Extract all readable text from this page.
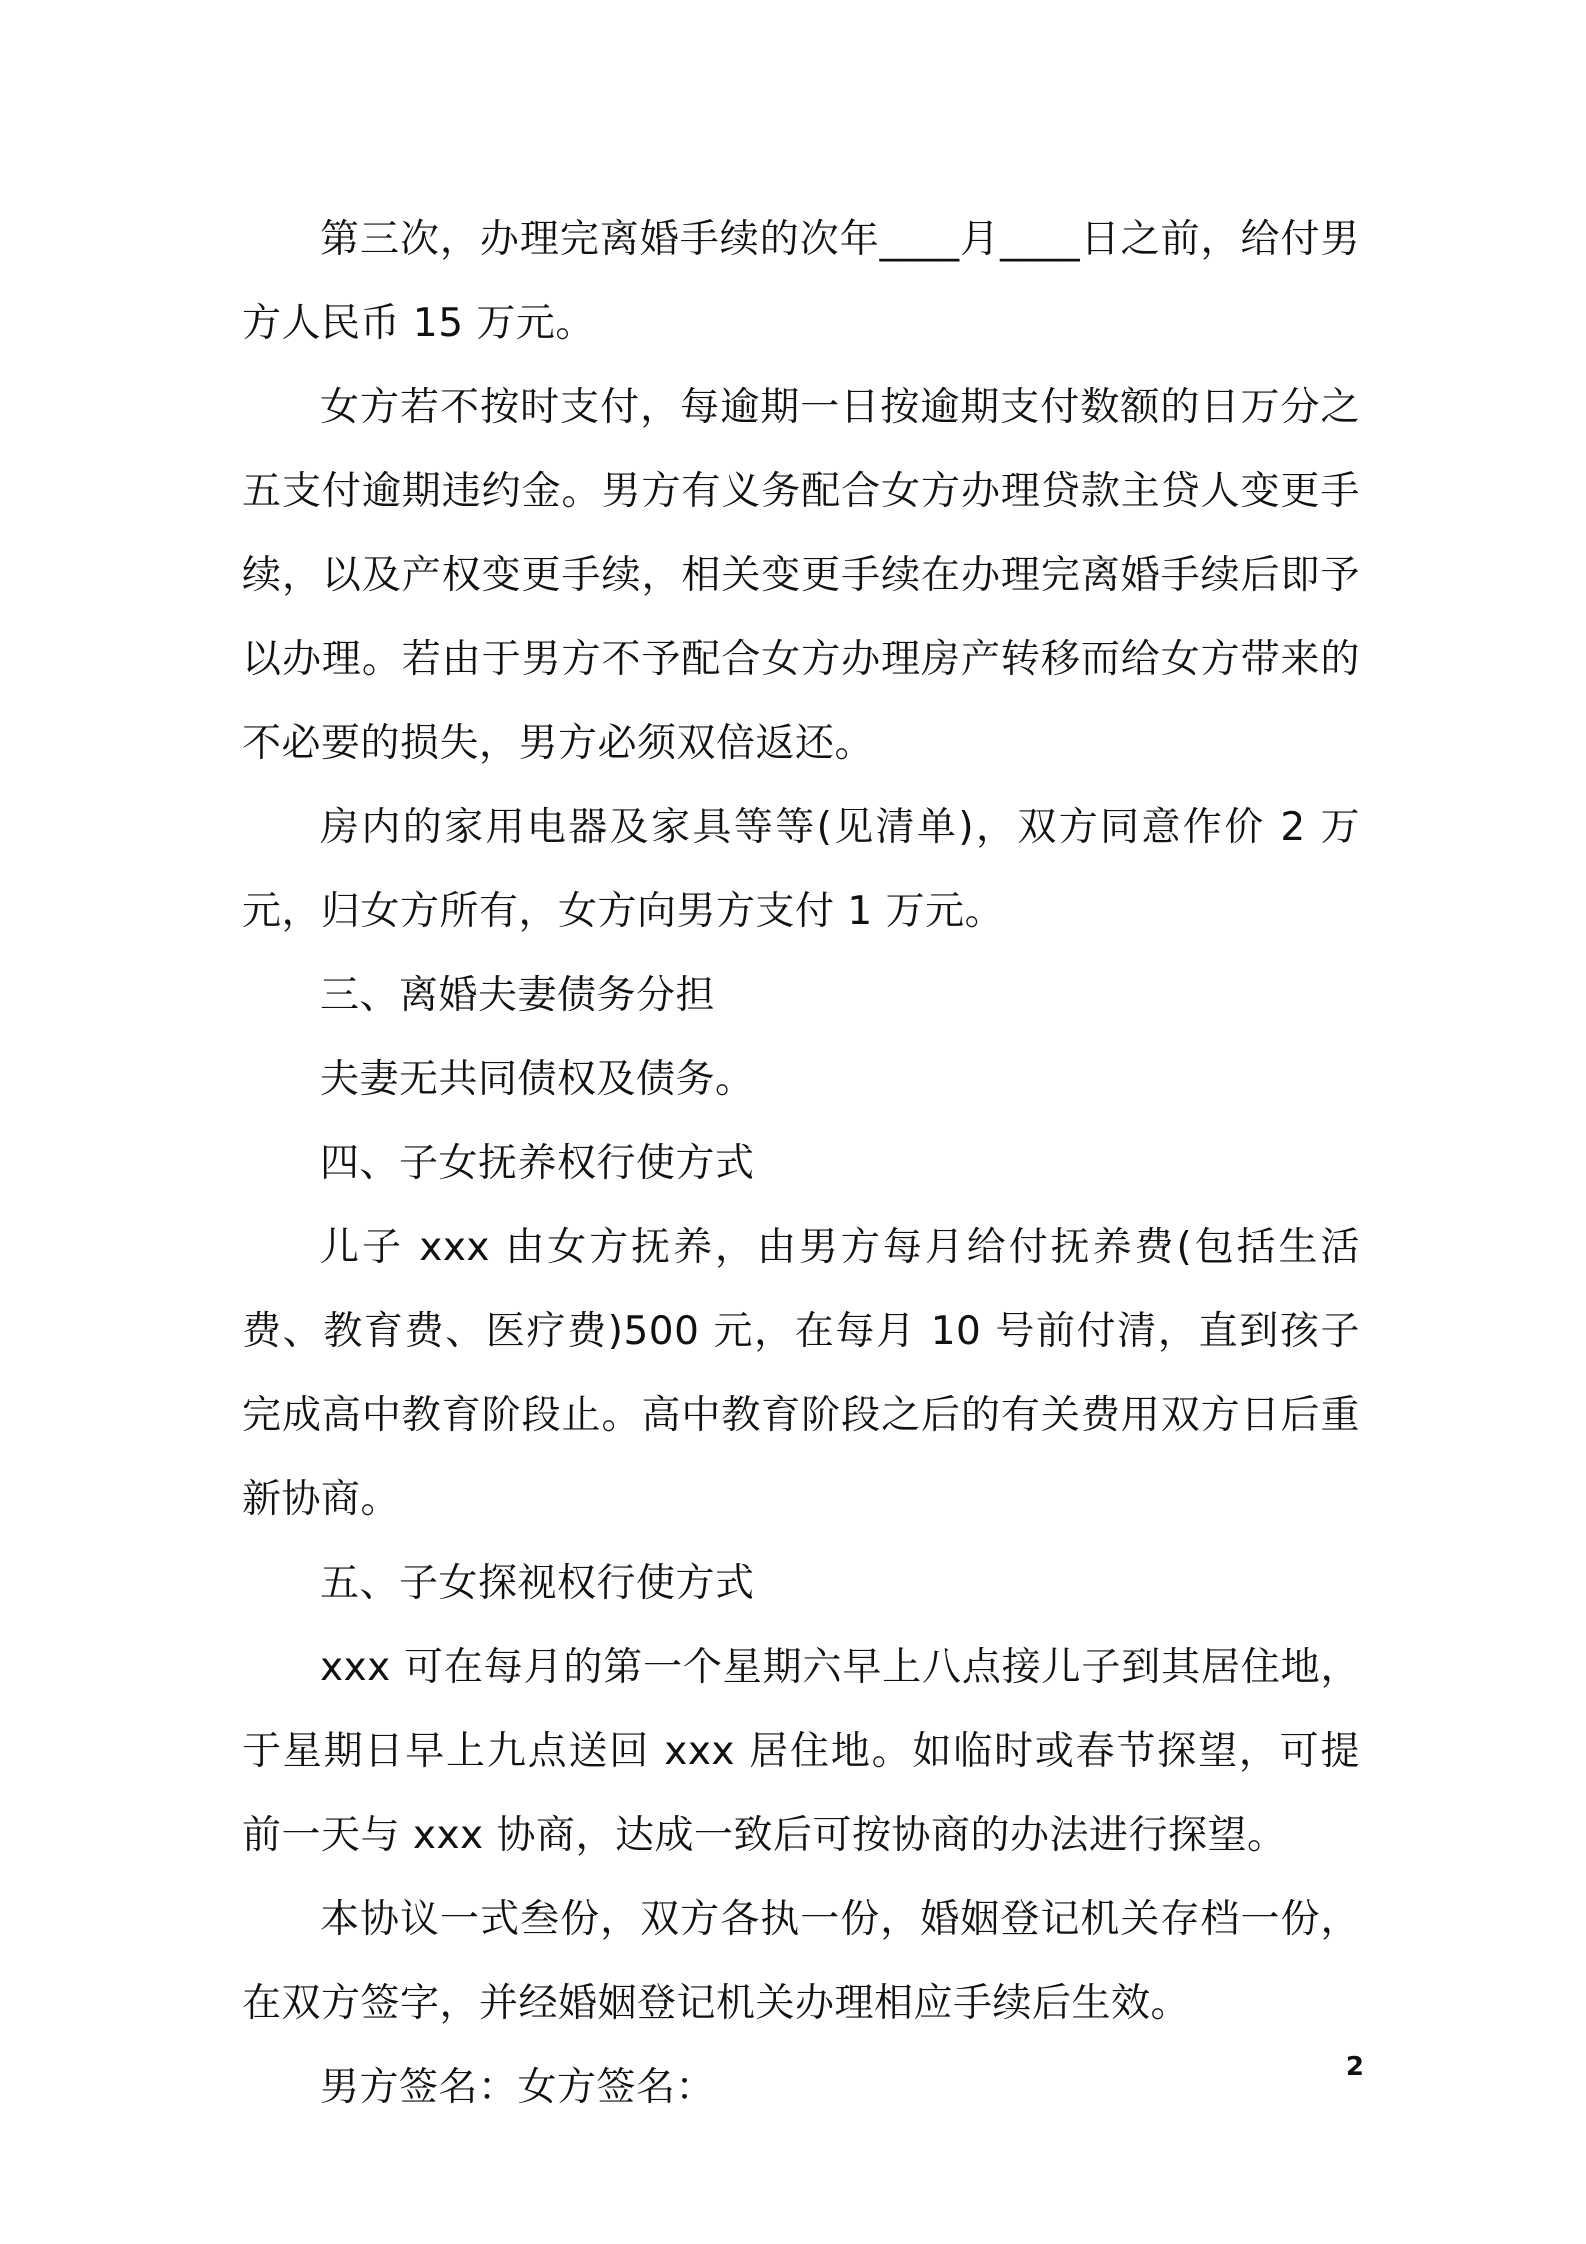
第三次，办理完离婚手续的次年____月____日之前，给付男方人民币 15 万元。

女方若不按时支付，每逾期一日按逾期支付数额的日万分之五支付逾期违约金。男方有义务配合女方办理贷款主贷人变更手续，以及产权变更手续，相关变更手续在办理完离婚手续后即予以办理。若由于男方不予配合女方办理房产转移而给女方带来的不必要的损失，男方必须双倍返还。

房内的家用电器及家具等等(见清单)，双方同意作价 2 万元，归女方所有，女方向男方支付 1 万元。

三、离婚夫妻债务分担

夫妻无共同债权及债务。

四、子女抚养权行使方式

儿子 xxx 由女方抚养，由男方每月给付抚养费(包括生活费、教育费、医疗费)500 元，在每月 10 号前付清，直到孩子完成高中教育阶段止。高中教育阶段之后的有关费用双方日后重新协商。

五、子女探视权行使方式

xxx 可在每月的第一个星期六早上八点接儿子到其居住地，于星期日早上九点送回 xxx 居住地。如临时或春节探望，可提前一天与 xxx 协商，达成一致后可按协商的办法进行探望。

本协议一式叁份，双方各执一份，婚姻登记机关存档一份，在双方签字，并经婚姻登记机关办理相应手续后生效。

男方签名：女方签名：	2
